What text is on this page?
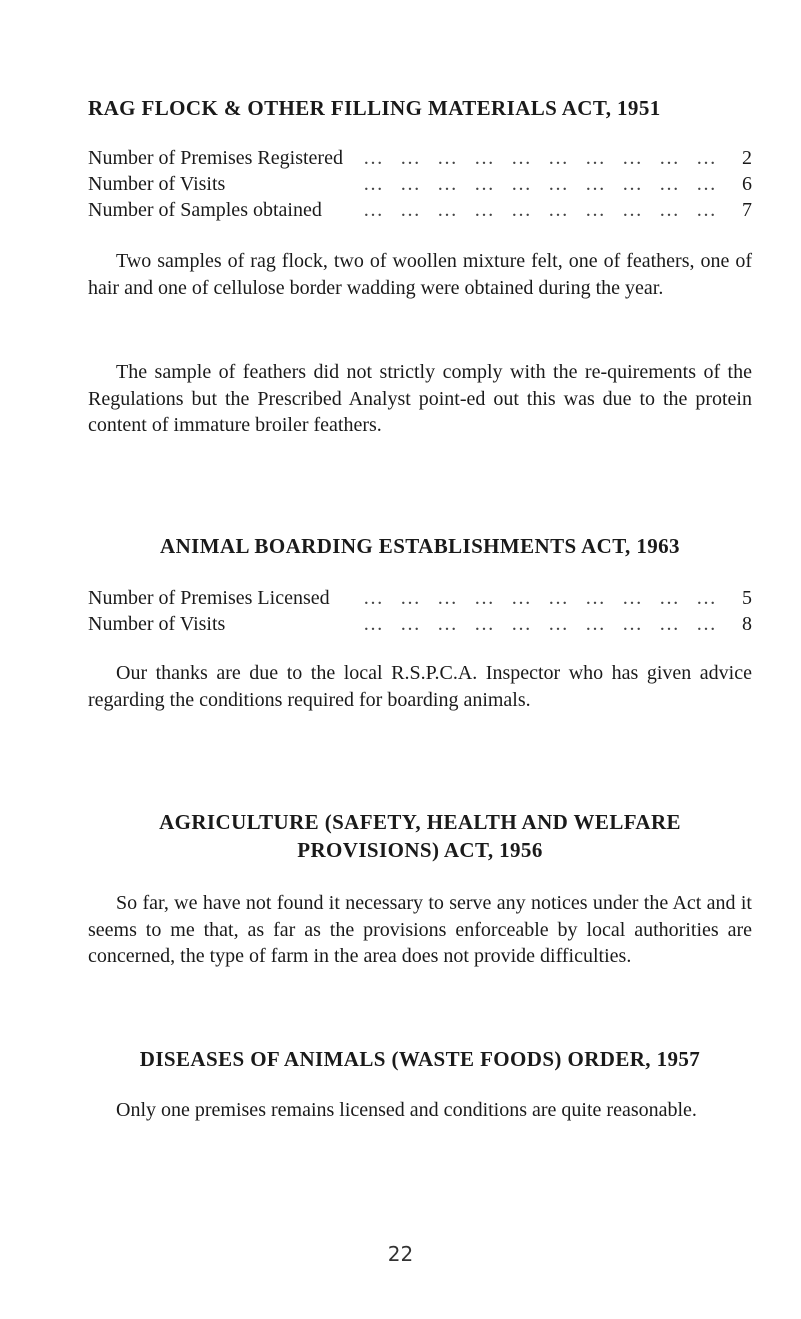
RAG FLOCK & OTHER FILLING MATERIALS ACT, 1951
Number of Premises Registered	… … … … … … … … … …	2
Number of Visits	… … … … … … … … … …	6
Number of Samples obtained	… … … … … … … … … …	7

Two samples of rag flock, two of woollen mixture felt, one of feathers, one of hair and one of cellulose border wadding were obtained during the year.

The sample of feathers did not strictly comply with the re-quirements of the Regulations but the Prescribed Analyst point-ed out this was due to the protein content of immature broiler feathers.

ANIMAL BOARDING ESTABLISHMENTS ACT, 1963
Number of Premises Licensed	… … … … … … … … … …	5
Number of Visits	… … … … … … … … … …	8

Our thanks are due to the local R.S.P.C.A. Inspector who has given advice regarding the conditions required for boarding animals.

AGRICULTURE (SAFETY, HEALTH AND WELFARE
PROVISIONS) ACT, 1956

So far, we have not found it necessary to serve any notices under the Act and it seems to me that, as far as the provisions enforceable by local authorities are concerned, the type of farm in the area does not provide difficulties.

DISEASES OF ANIMALS (WASTE FOODS) ORDER, 1957

Only one premises remains licensed and conditions are quite reasonable.

22
